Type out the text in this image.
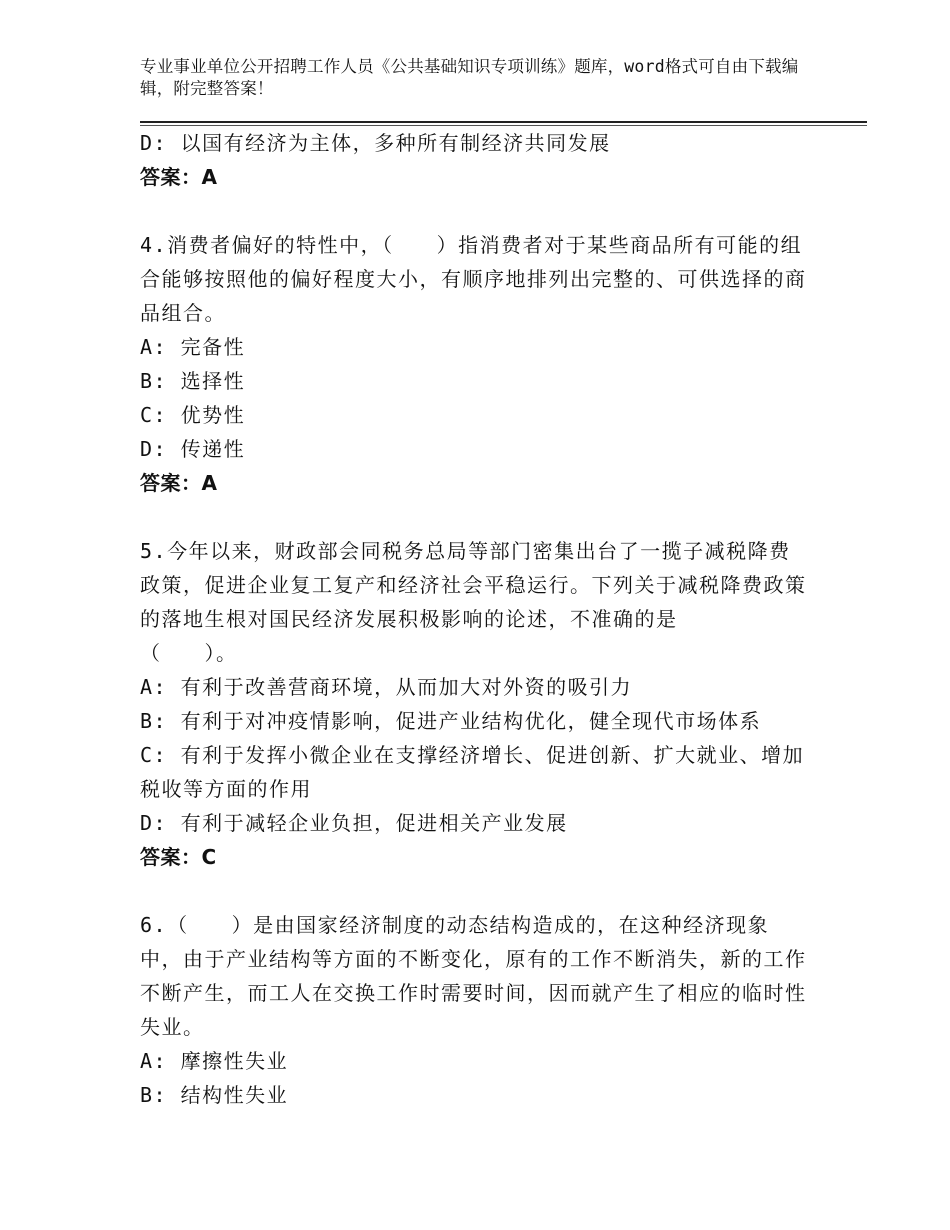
专业事业单位公开招聘工作人员《公共基础知识专项训练》题库，word格式可自由下载编辑，附完整答案！
D: 以国有经济为主体，多种所有制经济共同发展
答案：A
4.消费者偏好的特性中，（　　）指消费者对于某些商品所有可能的组合能够按照他的偏好程度大小，有顺序地排列出完整的、可供选择的商品组合。
A: 完备性
B: 选择性
C: 优势性
D: 传递性
答案：A
5.今年以来，财政部会同税务总局等部门密集出台了一揽子减税降费政策，促进企业复工复产和经济社会平稳运行。下列关于减税降费政策的落地生根对国民经济发展积极影响的论述，不准确的是
（　　）。
A: 有利于改善营商环境，从而加大对外资的吸引力
B: 有利于对冲疫情影响，促进产业结构优化，健全现代市场体系
C: 有利于发挥小微企业在支撑经济增长、促进创新、扩大就业、增加税收等方面的作用
D: 有利于减轻企业负担，促进相关产业发展
答案：C
6.（　　）是由国家经济制度的动态结构造成的，在这种经济现象中，由于产业结构等方面的不断变化，原有的工作不断消失，新的工作不断产生，而工人在交换工作时需要时间，因而就产生了相应的临时性失业。
A: 摩擦性失业
B: 结构性失业
